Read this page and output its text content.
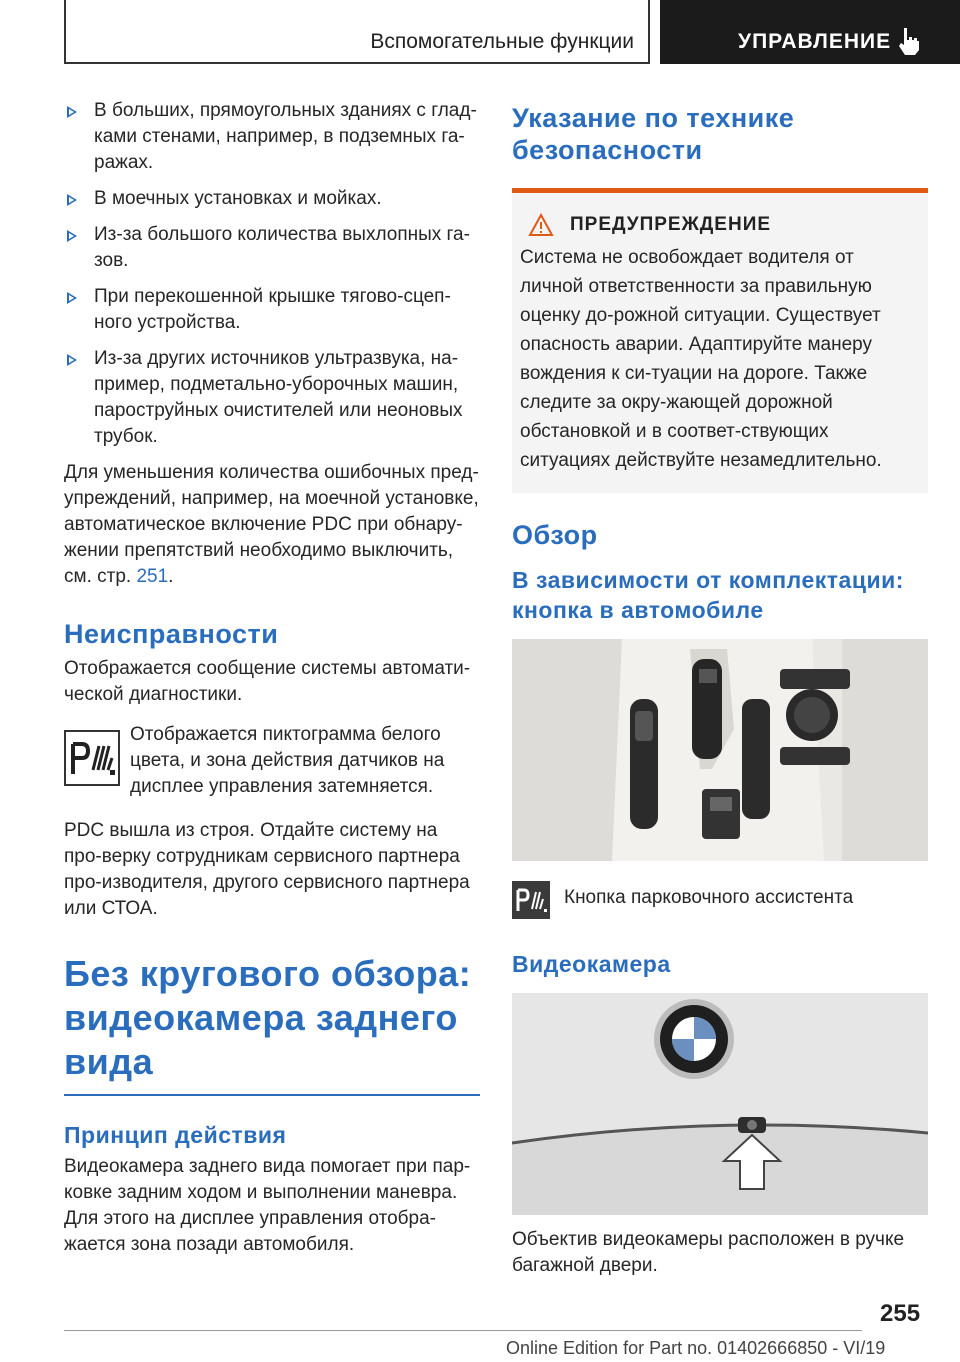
Вспомогательные функции	УПРАВЛЕНИЕ
В больших, прямоугольных зданиях с глад-ками стенами, например, в подземных га-ражах.
В моечных установках и мойках.
Из-за большого количества выхлопных га-зов.
При перекошенной крышке тягово-сцеп-ного устройства.
Из-за других источников ультразвука, на-пример, подметально-уборочных машин, пароструйных очистителей или неоновых трубок.

Для уменьшения количества ошибочных пред-упреждений, например, на моечной установке, автоматическое включение PDC при обнару-жении препятствий необходимо выключить, см. стр. 251.

Неисправности

Отображается сообщение системы автомати-ческой диагностики.

Отображается пиктограмма белого цвета, и зона действия датчиков на дисплее управления затемняется.

PDC вышла из строя. Отдайте систему на про-верку сотрудникам сервисного партнера про-изводителя, другого сервисного партнера или СТОА.

Без кругового обзора: видеокамера заднего вида
Принцип действия

Видеокамера заднего вида помогает при пар-ковке задним ходом и выполнении маневра. Для этого на дисплее управления отобра-жается зона позади автомобиля.

Указание по технике безопасности
ПРЕДУПРЕЖДЕНИЕ

Система не освобождает водителя от личной ответственности за правильную оценку до-рожной ситуации. Существует опасность аварии. Адаптируйте манеру вождения к си-туации на дороге. Также следите за окру-жающей дорожной обстановкой и в соответ-ствующих ситуациях действуйте незамедлительно.

Обзор
В зависимости от комплектации: кнопка в автомобиле

Кнопка парковочного ассистента

Видеокамера

Объектив видеокамеры расположен в ручке багажной двери.

255
Online Edition for Part no. 01402666850 - VI/19
